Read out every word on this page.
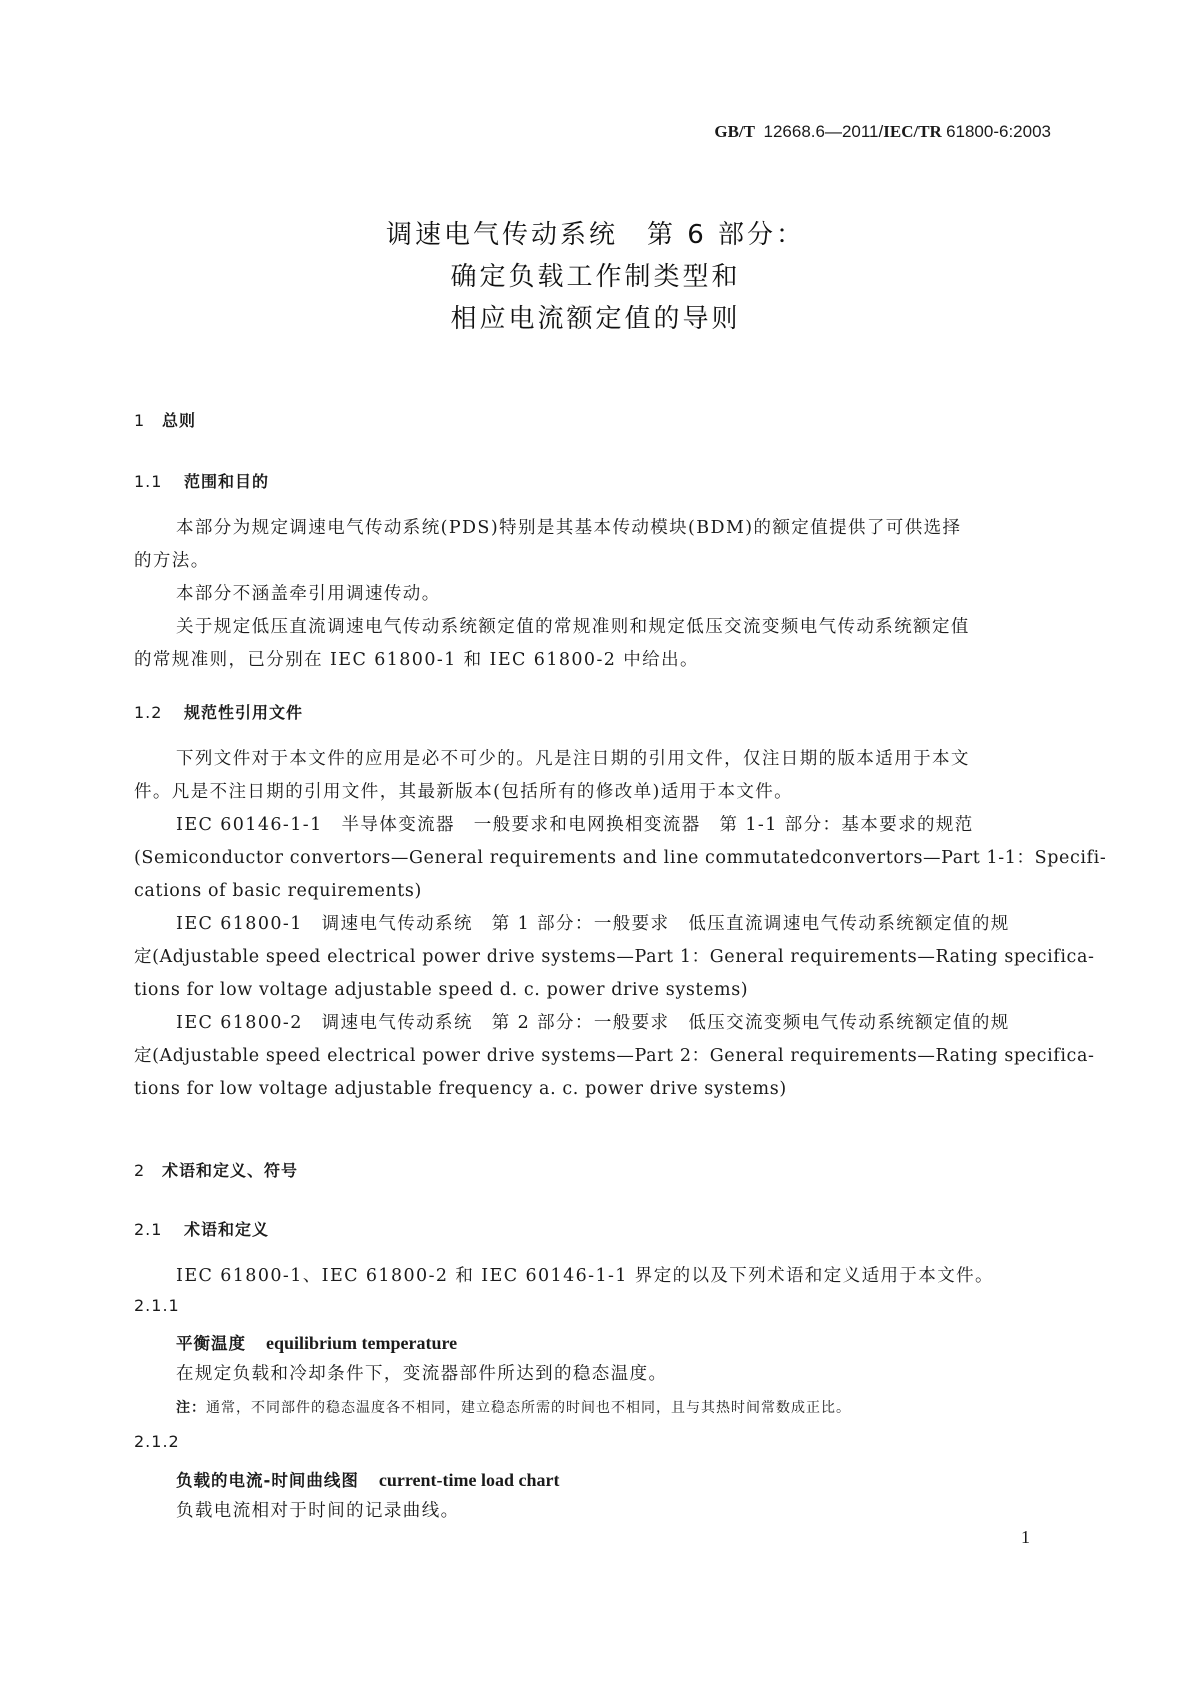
GB/T 12668.6—2011/IEC/TR 61800-6:2003
调速电气传动系统　第 6 部分：
确定负载工作制类型和
相应电流额定值的导则
1 总则
1.1 范围和目的
本部分为规定调速电气传动系统(PDS)特别是其基本传动模块(BDM)的额定值提供了可供选择
的方法。
本部分不涵盖牵引用调速传动。
关于规定低压直流调速电气传动系统额定值的常规准则和规定低压交流变频电气传动系统额定值
的常规准则，已分别在 IEC 61800-1 和 IEC 61800-2 中给出。
1.2 规范性引用文件
下列文件对于本文件的应用是必不可少的。凡是注日期的引用文件，仅注日期的版本适用于本文
件。凡是不注日期的引用文件，其最新版本(包括所有的修改单)适用于本文件。
IEC 60146-1-1　半导体变流器　一般要求和电网换相变流器　第 1-1 部分：基本要求的规范
(Semiconductor convertors—General requirements and line commutatedconvertors—Part 1-1：Specifi-
cations of basic requirements)
IEC 61800-1　调速电气传动系统　第 1 部分：一般要求　低压直流调速电气传动系统额定值的规
定(Adjustable speed electrical power drive systems—Part 1：General requirements—Rating specifica-
tions for low voltage adjustable speed d. c. power drive systems)
IEC 61800-2　调速电气传动系统　第 2 部分：一般要求　低压交流变频电气传动系统额定值的规
定(Adjustable speed electrical power drive systems—Part 2：General requirements—Rating specifica-
tions for low voltage adjustable frequency a. c. power drive systems)
2 术语和定义、符号
2.1 术语和定义
IEC 61800-1、IEC 61800-2 和 IEC 60146-1-1 界定的以及下列术语和定义适用于本文件。
2.1.1
平衡温度 equilibrium temperature
在规定负载和冷却条件下，变流器部件所达到的稳态温度。
注：通常，不同部件的稳态温度各不相同，建立稳态所需的时间也不相同，且与其热时间常数成正比。
2.1.2
负载的电流-时间曲线图 current-time load chart
负载电流相对于时间的记录曲线。
1
